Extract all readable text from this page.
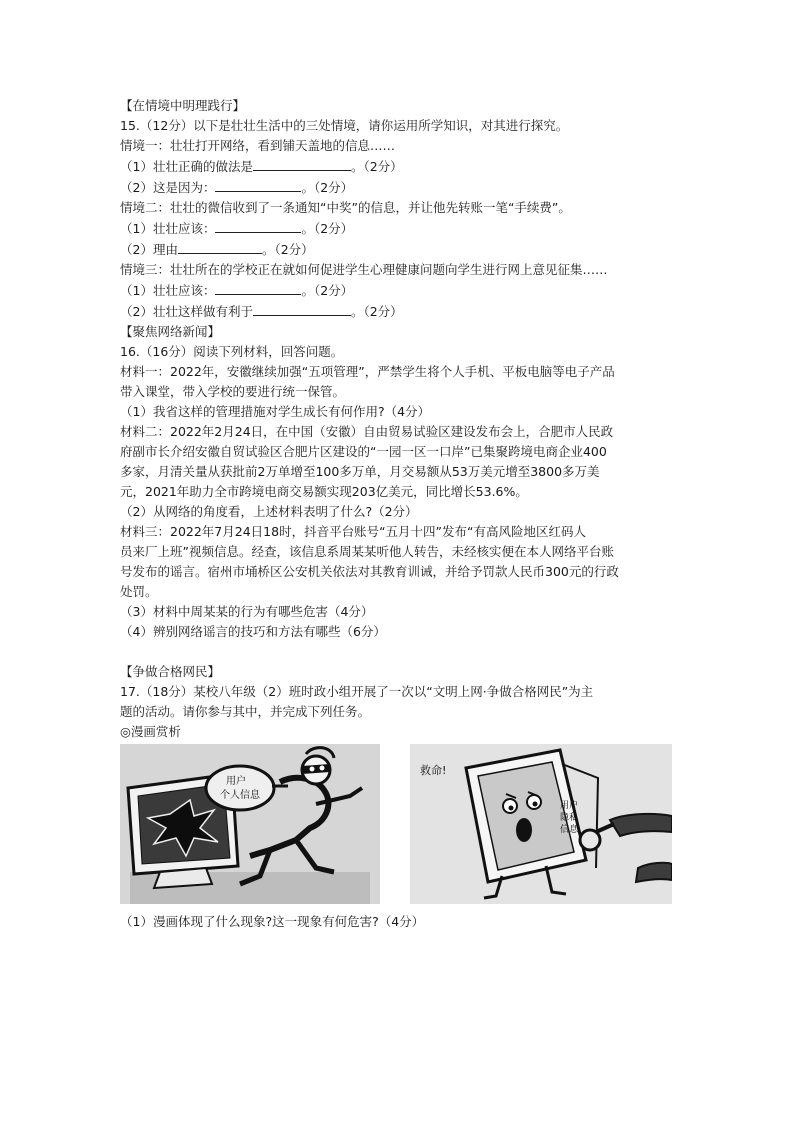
【在情境中明理践行】
15.（12分）以下是壮壮生活中的三处情境，请你运用所学知识，对其进行探究。
情境一：壮壮打开网络，看到铺天盖地的信息……
（1）壮壮正确的做法是	。（2分）
（2）这是因为：	。（2分）
情境二：壮壮的微信收到了一条通知“中奖”的信息，并让他先转账一笔“手续费”。
（1）壮壮应该：	。（2分）
（2）理由	。（2分）
情境三：壮壮所在的学校正在就如何促进学生心理健康问题向学生进行网上意见征集……
（1）壮壮应该：	。（2分）
（2）壮壮这样做有利于	。（2分）
【聚焦网络新闻】
16.（16分）阅读下列材料，回答问题。
材料一：2022年，安徽继续加强“五项管理”，严禁学生将个人手机、平板电脑等电子产品
带入课堂，带入学校的要进行统一保管。
（1）我省这样的管理措施对学生成长有何作用?（4分）
材料二：2022年2月24日，在中国（安徽）自由贸易试验区建设发布会上，合肥市人民政
府副市长介绍安徽自贸试验区合肥片区建设的“一园一区一口岸”已集聚跨境电商企业400
多家，月清关量从获批前2万单增至100多万单，月交易额从53万美元增至3800多万美
元，2021年助力全市跨境电商交易额实现203亿美元，同比增长53.6%。
（2）从网络的角度看，上述材料表明了什么?（2分）
材料三：2022年7月24日18时，抖音平台账号“五月十四”发布“有高风险地区红码人
员来厂上班”视频信息。经查，该信息系周某某听他人转告，未经核实便在本人网络平台账
号发布的谣言。宿州市埇桥区公安机关依法对其教育训诫，并给予罚款人民币300元的行政
处罚。
（3）材料中周某某的行为有哪些危害（4分）
（4）辨别网络谣言的技巧和方法有哪些（6分）
【争做合格网民】
17.（18分）某校八年级（2）班时政小组开展了一次以“文明上网·争做合格网民”为主
题的活动。请你参与其中，并完成下列任务。
◎漫画赏析
用户
个人信息
救命!
用户
隐私
信息
（1）漫画体现了什么现象?这一现象有何危害?（4分）
